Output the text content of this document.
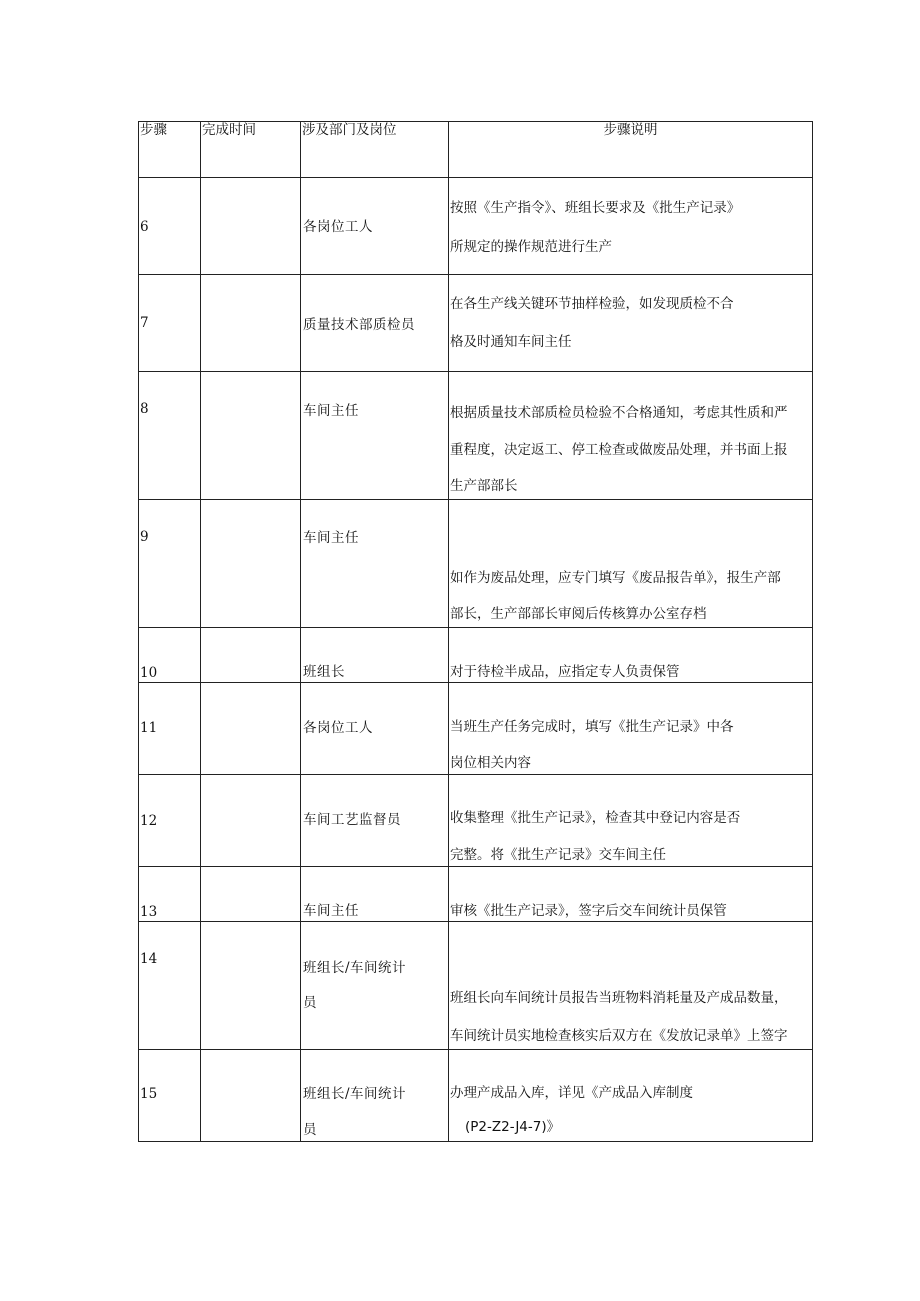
步骤	完成时间	涉及部门及岗位	步骤说明

6		各岗位工人	按照《生产指令》、班组长要求及《批生产记录》
所规定的操作规范进行生产

7		质量技术部质检员	在各生产线关键环节抽样检验，如发现质检不合
格及时通知车间主任

8		车间主任	根据质量技术部质检员检验不合格通知，考虑其性质和严
重程度，决定返工、停工检查或做废品处理，并书面上报
生产部部长

9		车间主任	如作为废品处理，应专门填写《废品报告单》，报生产部
部长，生产部部长审阅后传核算办公室存档

10		班组长	对于待检半成品，应指定专人负责保管

11		各岗位工人	当班生产任务完成时，填写《批生产记录》中各
岗位相关内容

12		车间工艺监督员	收集整理《批生产记录》，检查其中登记内容是否
完整。将《批生产记录》交车间主任

13		车间主任	审核《批生产记录》，签字后交车间统计员保管

14		班组长/车间统计
员	班组长向车间统计员报告当班物料消耗量及产成品数量，
车间统计员实地检查核实后双方在《发放记录单》上签字

15		班组长/车间统计
员	办理产成品入库，详见《产成品入库制度
(P2-Z2-J4-7)》
